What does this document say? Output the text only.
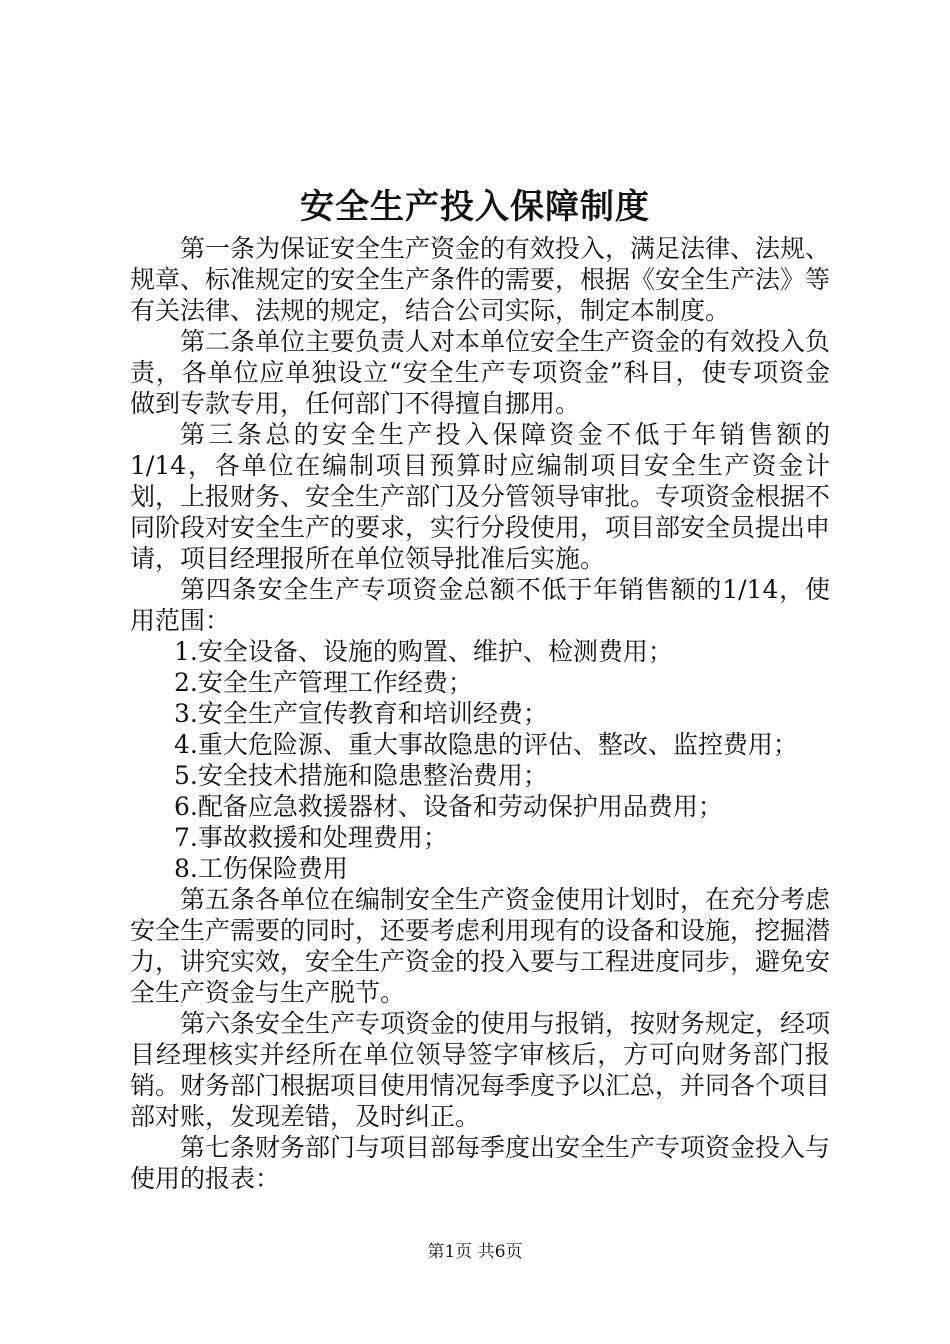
安全生产投入保障制度

第一条为保证安全生产资金的有效投入，满足法律、法规、规章、标准规定的安全生产条件的需要，根据《安全生产法》等有关法律、法规的规定，结合公司实际，制定本制度。

第二条单位主要负责人对本单位安全生产资金的有效投入负责，各单位应单独设立“安全生产专项资金”科目，使专项资金做到专款专用，任何部门不得擅自挪用。

第三条总的安全生产投入保障资金不低于年销售额的1/14，各单位在编制项目预算时应编制项目安全生产资金计划，上报财务、安全生产部门及分管领导审批。专项资金根据不同阶段对安全生产的要求，实行分段使用，项目部安全员提出申请，项目经理报所在单位领导批准后实施。

第四条安全生产专项资金总额不低于年销售额的1/14，使用范围：

1.安全设备、设施的购置、维护、检测费用；

2.安全生产管理工作经费；

3.安全生产宣传教育和培训经费；

4.重大危险源、重大事故隐患的评估、整改、监控费用；

5.安全技术措施和隐患整治费用；

6.配备应急救援器材、设备和劳动保护用品费用；

7.事故救援和处理费用；

8.工伤保险费用

第五条各单位在编制安全生产资金使用计划时，在充分考虑安全生产需要的同时，还要考虑利用现有的设备和设施，挖掘潜力，讲究实效，安全生产资金的投入要与工程进度同步，避免安全生产资金与生产脱节。

第六条安全生产专项资金的使用与报销，按财务规定，经项目经理核实并经所在单位领导签字审核后，方可向财务部门报销。财务部门根据项目使用情况每季度予以汇总，并同各个项目部对账，发现差错，及时纠正。

第七条财务部门与项目部每季度出安全生产专项资金投入与使用的报表：

第1页 共6页
